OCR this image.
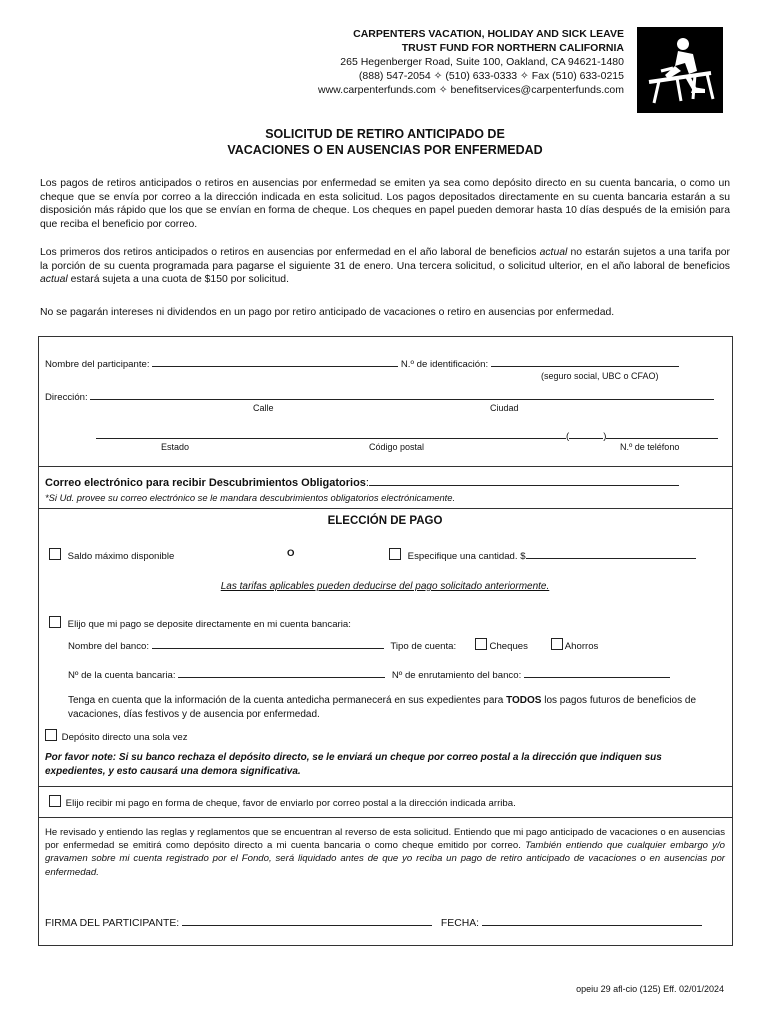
CARPENTERS VACATION, HOLIDAY AND SICK LEAVE
TRUST FUND FOR NORTHERN CALIFORNIA
265 Hegenberger Road, Suite 100, Oakland, CA 94621-1480
(888) 547-2054 ✧ (510) 633-0333 ✧ Fax (510) 633-0215
www.carpenterfunds.com ✧ benefitservices@carpenterfunds.com
SOLICITUD DE RETIRO ANTICIPADO DE
VACACIONES O EN AUSENCIAS POR ENFERMEDAD
Los pagos de retiros anticipados o retiros en ausencias por enfermedad se emiten ya sea como depósito directo en su cuenta bancaria, o como un cheque que se envía por correo a la dirección indicada en esta solicitud. Los pagos depositados directamente en su cuenta bancaria estarán a su disposición más rápido que los que se envían en forma de cheque. Los cheques en papel pueden demorar hasta 10 días después de la emisión para que reciba el beneficio por correo.
Los primeros dos retiros anticipados o retiros en ausencias por enfermedad en el año laboral de beneficios actual no estarán sujetos a una tarifa por la porción de su cuenta programada para pagarse el siguiente 31 de enero. Una tercera solicitud, o solicitud ulterior, en el año laboral de beneficios actual estará sujeta a una cuota de $150 por solicitud.
No se pagarán intereses ni dividendos en un pago por retiro anticipado de vacaciones o retiro en ausencias por enfermedad.
Nombre del participante:	N.º de identificación:
(seguro social, UBC o CFAO)
Dirección:
Calle	Ciudad
(	)
Estado	Código postal	N.º de teléfono
Correo electrónico para recibir Descubrimientos Obligatorios:
*Si Ud. provee su correo electrónico se le mandara descubrimientos obligatorios electrónicamente.
ELECCIÓN DE PAGO
Saldo máximo disponible	O	Especifique una cantidad. $
Las tarifas aplicables pueden deducirse del pago solicitado anteriormente.
Elijo que mi pago se deposite directamente en mi cuenta bancaria:
Nombre del banco:	Tipo de cuenta:	Cheques	Ahorros
Nº de la cuenta bancaria:	Nº de enrutamiento del banco:
Tenga en cuenta que la información de la cuenta antedicha permanecerá en sus expedientes para TODOS los pagos futuros de beneficios de vacaciones, días festivos y de ausencia por enfermedad.
Depósito directo una sola vez
Por favor note: Si su banco rechaza el depósito directo, se le enviará un cheque por correo postal a la dirección que indiquen sus expedientes, y esto causará una demora significativa.
Elijo recibir mi pago en forma de cheque, favor de enviarlo por correo postal a la dirección indicada arriba.
He revisado y entiendo las reglas y reglamentos que se encuentran al reverso de esta solicitud. Entiendo que mi pago anticipado de vacaciones o en ausencias por enfermedad se emitirá como depósito directo a mi cuenta bancaria o como cheque emitido por correo. También entiendo que cualquier embargo y/o gravamen sobre mi cuenta registrado por el Fondo, será liquidado antes de que yo reciba un pago de retiro anticipado de vacaciones o en ausencias por enfermedad.
FIRMA DEL PARTICIPANTE:	FECHA:
opeiu 29 afl-cio (125) Eff. 02/01/2024
